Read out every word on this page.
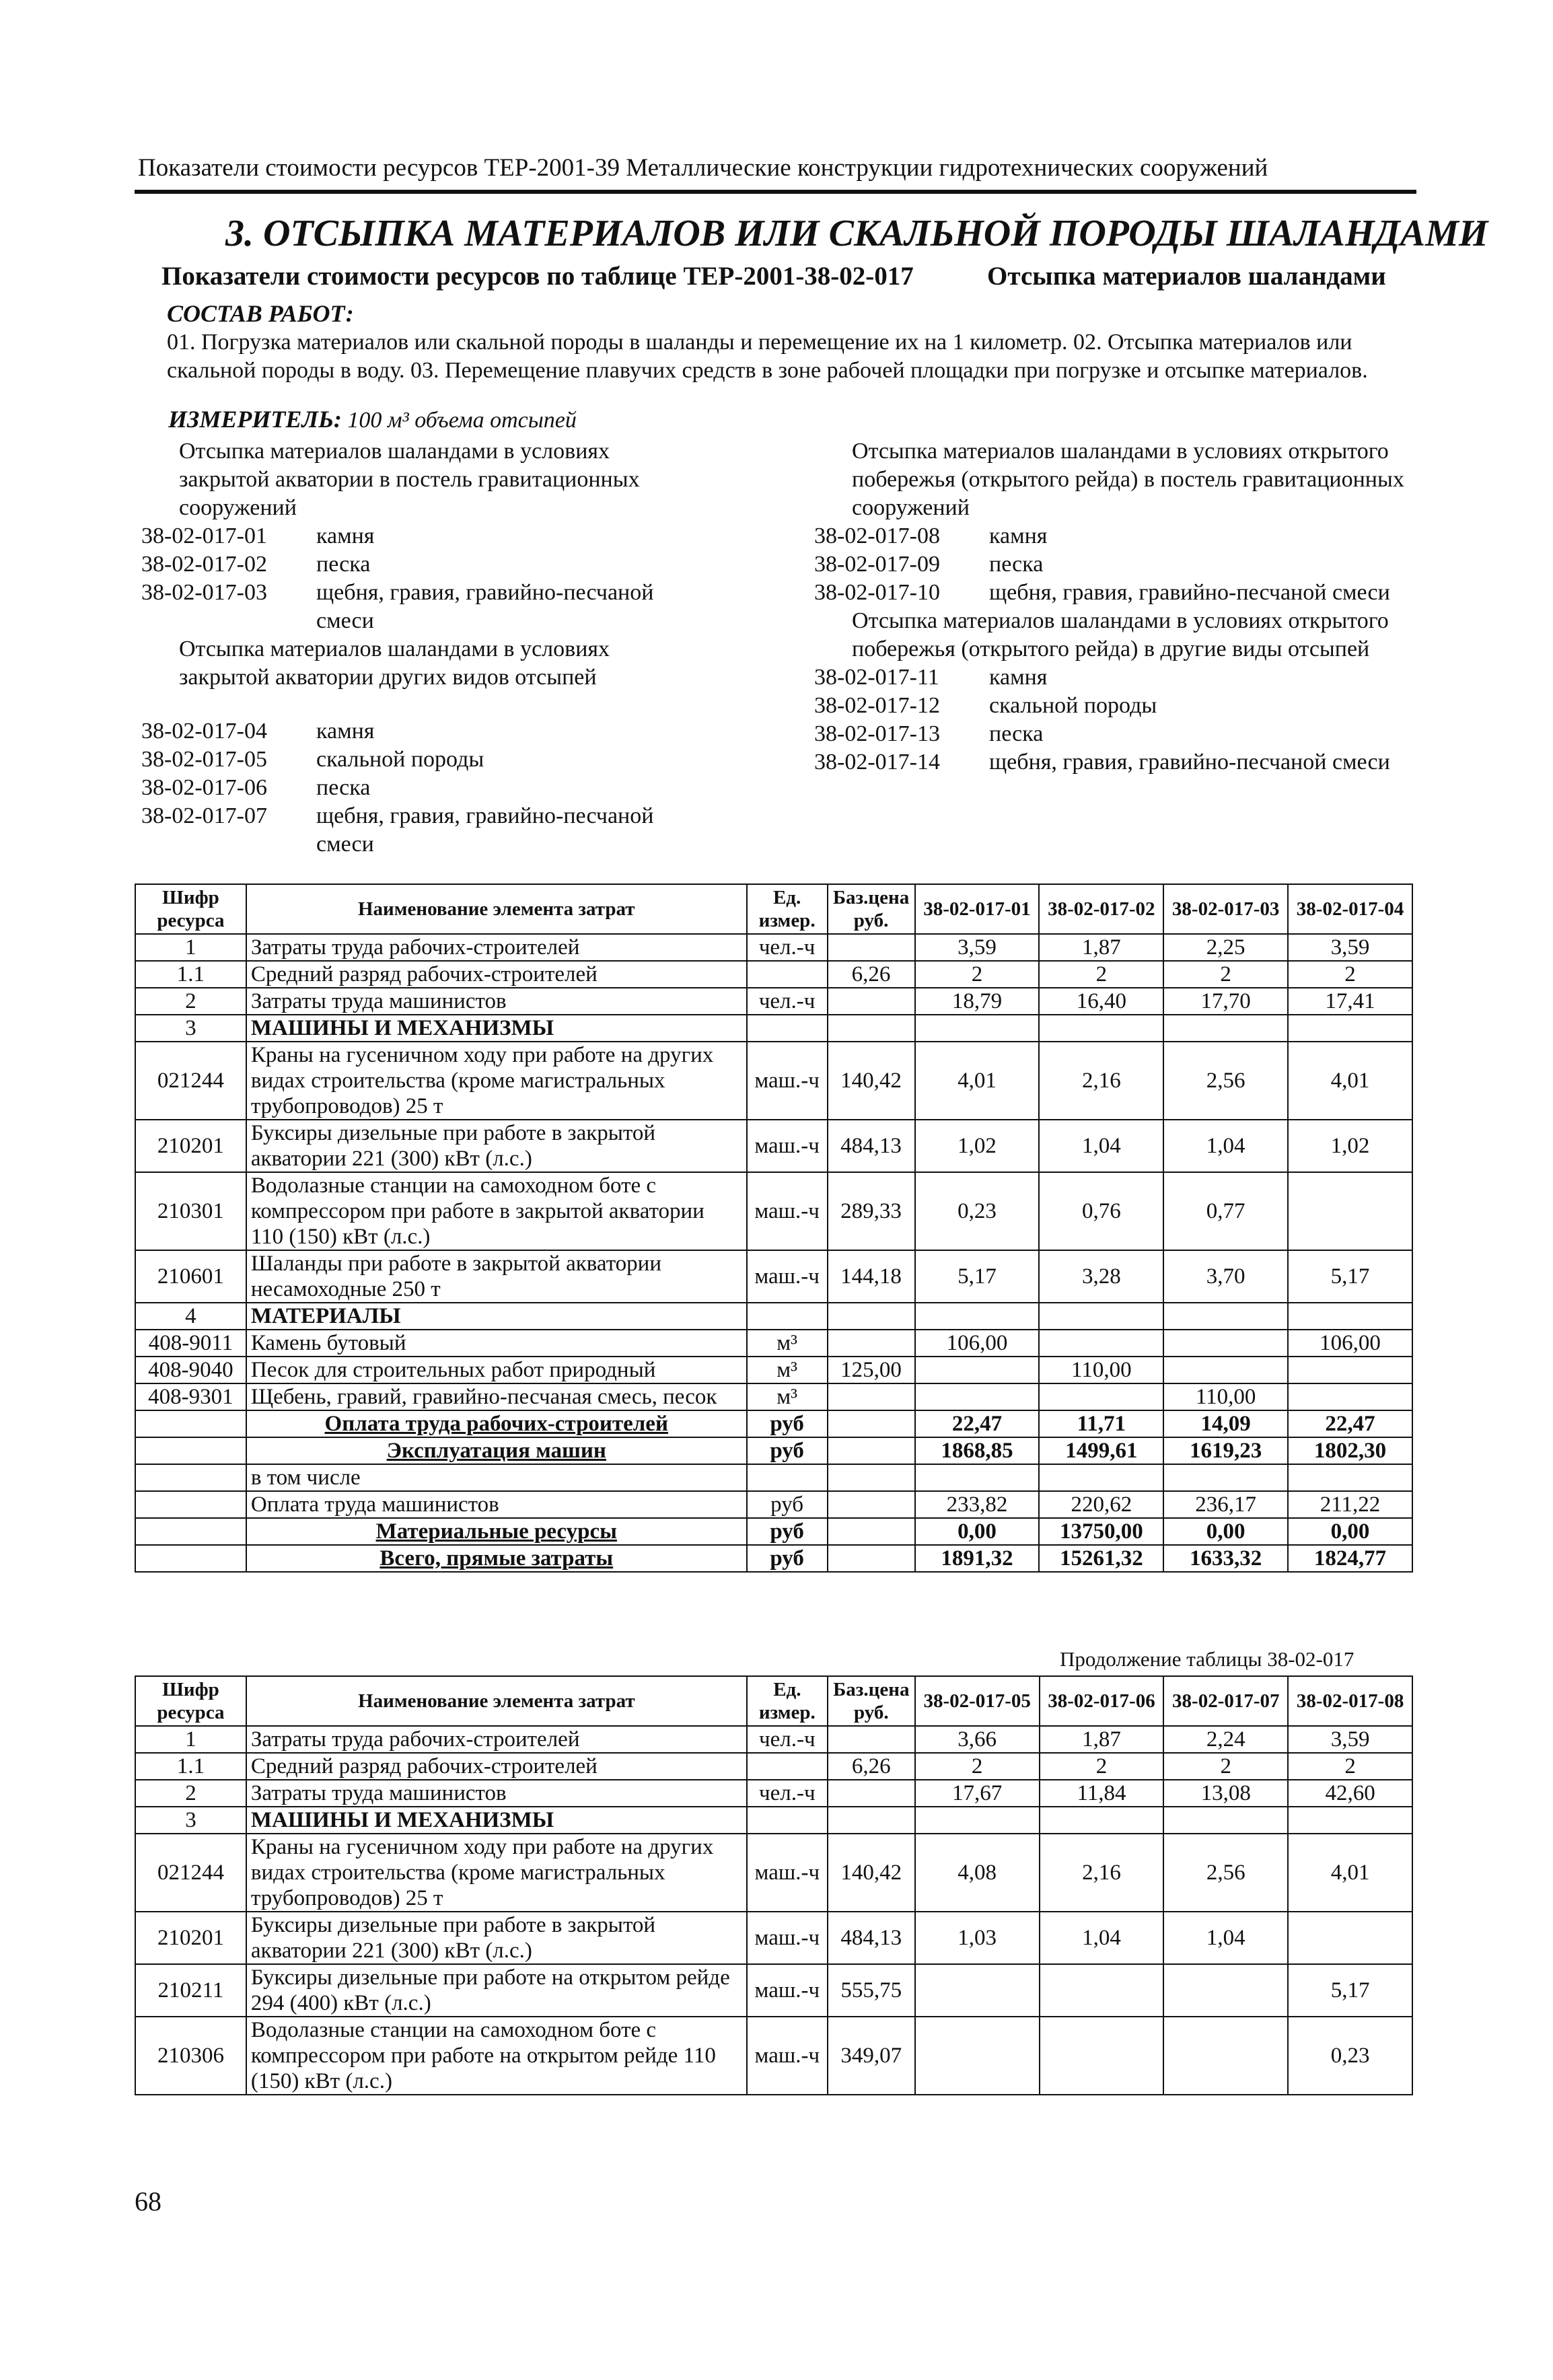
Показатели стоимости ресурсов ТЕР-2001-39 Металлические конструкции гидротехнических сооружений
3. ОТСЫПКА МАТЕРИАЛОВ ИЛИ СКАЛЬНОЙ ПОРОДЫ ШАЛАНДАМИ
Показатели стоимости ресурсов по таблице ТЕР-2001-38-02-017	Отсыпка материалов шаландами
СОСТАВ РАБОТ:
01. Погрузка материалов или скальной породы в шаланды и перемещение их на 1 километр. 02. Отсыпка материалов или скальной породы в воду. 03. Перемещение плавучих средств в зоне рабочей площадки при погрузке и отсыпке материалов.
ИЗМЕРИТЕЛЬ: 100 м³ объема отсыпей
Отсыпка материалов шаландами в условиях закрытой акватории в постель гравитационных сооружений
38-02-017-01	камня
38-02-017-02	песка
38-02-017-03	щебня, гравия, гравийно-песчаной смеси
Отсыпка материалов шаландами в условиях закрытой акватории других видов отсыпей
38-02-017-04	камня
38-02-017-05	скальной породы
38-02-017-06	песка
38-02-017-07	щебня, гравия, гравийно-песчаной смеси
Отсыпка материалов шаландами в условиях открытого побережья (открытого рейда) в постель гравитационных сооружений
38-02-017-08	камня
38-02-017-09	песка
38-02-017-10	щебня, гравия, гравийно-песчаной смеси
Отсыпка материалов шаландами в условиях открытого побережья (открытого рейда) в другие виды отсыпей
38-02-017-11	камня
38-02-017-12	скальной породы
38-02-017-13	песка
38-02-017-14	щебня, гравия, гравийно-песчаной смеси
Шифр ресурса	Наименование элемента затрат	Ед. измер.	Баз.цена руб.	38-02-017-01	38-02-017-02	38-02-017-03	38-02-017-04
1	Затраты труда рабочих-строителей	чел.-ч		3,59	1,87	2,25	3,59
1.1	Средний разряд рабочих-строителей		6,26	2	2	2	2
2	Затраты труда машинистов	чел.-ч		18,79	16,40	17,70	17,41
3	МАШИНЫ И МЕХАНИЗМЫ						
021244	Краны на гусеничном ходу при работе на других видах строительства (кроме магистральных трубопроводов) 25 т	маш.-ч	140,42	4,01	2,16	2,56	4,01
210201	Буксиры дизельные при работе в закрытой акватории 221 (300) кВт (л.с.)	маш.-ч	484,13	1,02	1,04	1,04	1,02
210301	Водолазные станции на самоходном боте с компрессором при работе в закрытой акватории 110 (150) кВт (л.с.)	маш.-ч	289,33	0,23	0,76	0,77	
210601	Шаланды при работе в закрытой акватории несамоходные 250 т	маш.-ч	144,18	5,17	3,28	3,70	5,17
4	МАТЕРИАЛЫ						
408-9011	Камень бутовый	м³		106,00			106,00
408-9040	Песок для строительных работ природный	м³	125,00		110,00		
408-9301	Щебень, гравий, гравийно-песчаная смесь, песок	м³				110,00	
	Оплата труда рабочих-строителей	руб		22,47	11,71	14,09	22,47
	Эксплуатация машин	руб		1868,85	1499,61	1619,23	1802,30
	в том числе						
	Оплата труда машинистов	руб		233,82	220,62	236,17	211,22
	Материальные ресурсы	руб		0,00	13750,00	0,00	0,00
	Всего, прямые затраты	руб		1891,32	15261,32	1633,32	1824,77
Продолжение таблицы 38-02-017
Шифр ресурса	Наименование элемента затрат	Ед. измер.	Баз.цена руб.	38-02-017-05	38-02-017-06	38-02-017-07	38-02-017-08
1	Затраты труда рабочих-строителей	чел.-ч		3,66	1,87	2,24	3,59
1.1	Средний разряд рабочих-строителей		6,26	2	2	2	2
2	Затраты труда машинистов	чел.-ч		17,67	11,84	13,08	42,60
3	МАШИНЫ И МЕХАНИЗМЫ						
021244	Краны на гусеничном ходу при работе на других видах строительства (кроме магистральных трубопроводов) 25 т	маш.-ч	140,42	4,08	2,16	2,56	4,01
210201	Буксиры дизельные при работе в закрытой акватории 221 (300) кВт (л.с.)	маш.-ч	484,13	1,03	1,04	1,04	
210211	Буксиры дизельные при работе на открытом рейде 294 (400) кВт (л.с.)	маш.-ч	555,75				5,17
210306	Водолазные станции на самоходном боте с компрессором при работе на открытом рейде 110 (150) кВт (л.с.)	маш.-ч	349,07				0,23
68
